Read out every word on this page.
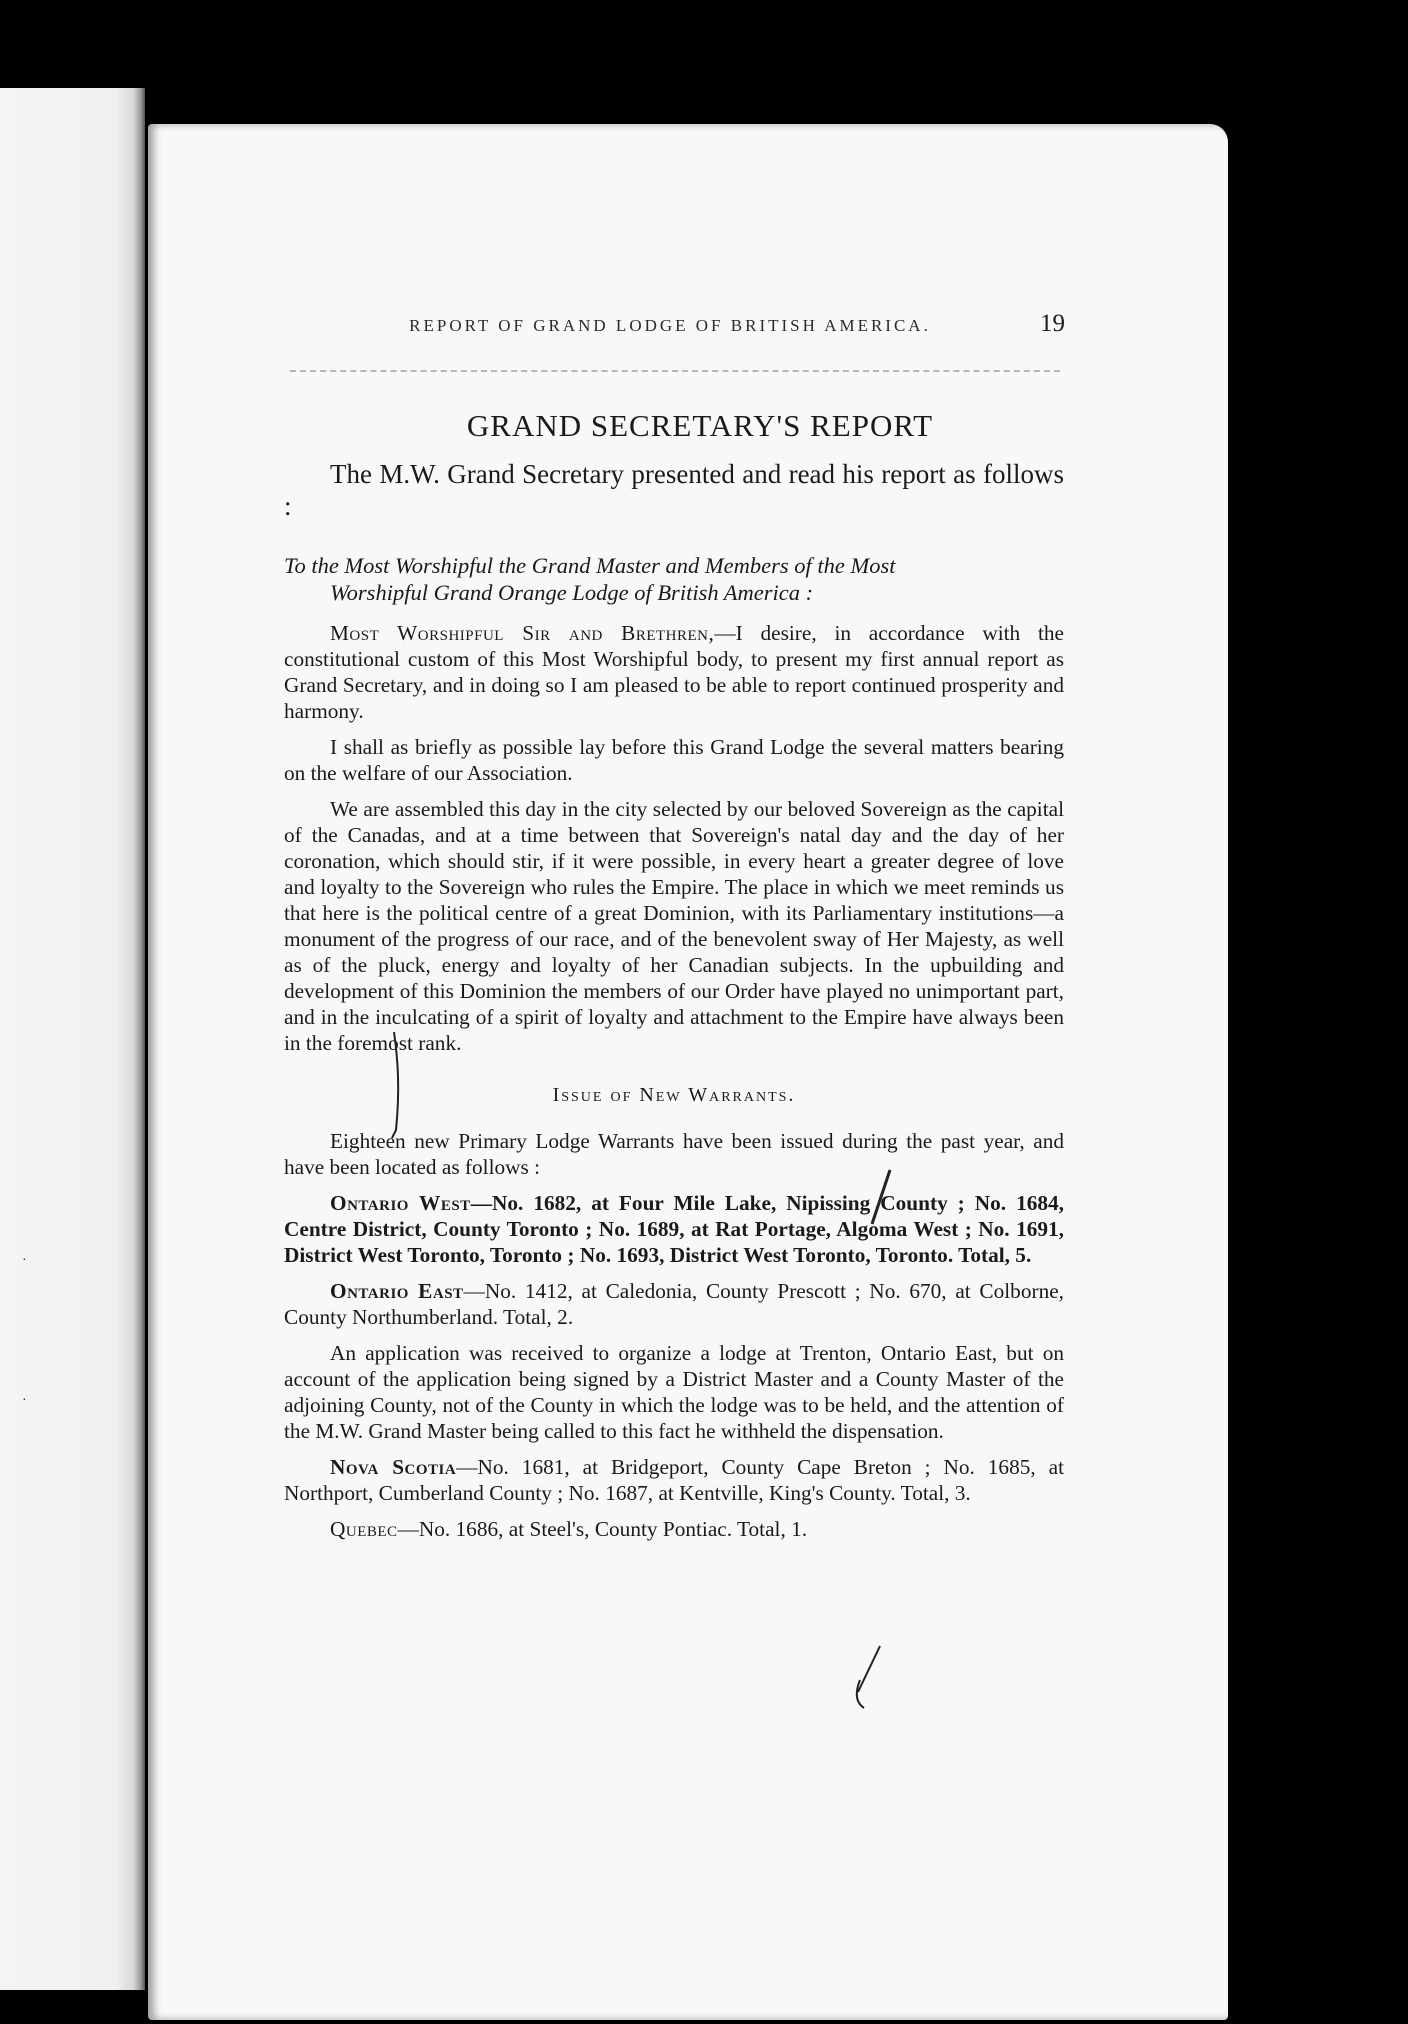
·
·
REPORT OF GRAND LODGE OF BRITISH AMERICA.	19
GRAND SECRETARY'S REPORT

The M.W. Grand Secretary presented and read his report as follows :

To the Most Worshipful the Grand Master and Members of the Most
Worshipful Grand Orange Lodge of British America :

Most Worshipful Sir and Brethren,—I desire, in accordance with the constitutional custom of this Most Worshipful body, to present my first annual report as Grand Secretary, and in doing so I am pleased to be able to report continued prosperity and harmony.

I shall as briefly as possible lay before this Grand Lodge the several matters bearing on the welfare of our Association.

We are assembled this day in the city selected by our beloved Sovereign as the capital of the Canadas, and at a time between that Sovereign's natal day and the day of her coronation, which should stir, if it were possible, in every heart a greater degree of love and loyalty to the Sovereign who rules the Empire. The place in which we meet reminds us that here is the political centre of a great Dominion, with its Parliamentary institutions—a monument of the progress of our race, and of the benevolent sway of Her Majesty, as well as of the pluck, energy and loyalty of her Canadian subjects. In the upbuilding and development of this Dominion the members of our Order have played no unimportant part, and in the inculcating of a spirit of loyalty and attachment to the Empire have always been in the foremost rank.

Issue of New Warrants.

Eighteen new Primary Lodge Warrants have been issued during the past year, and have been located as follows :

Ontario West—No. 1682, at Four Mile Lake, Nipissing County ; No. 1684, Centre District, County Toronto ; No. 1689, at Rat Portage, Algoma West ; No. 1691, District West Toronto, Toronto ; No. 1693, District West Toronto, Toronto. Total, 5.

Ontario East—No. 1412, at Caledonia, County Prescott ; No. 670, at Colborne, County Northumberland. Total, 2.

An application was received to organize a lodge at Trenton, Ontario East, but on account of the application being signed by a District Master and a County Master of the adjoining County, not of the County in which the lodge was to be held, and the attention of the M.W. Grand Master being called to this fact he withheld the dispensation.

Nova Scotia—No. 1681, at Bridgeport, County Cape Breton ; No. 1685, at Northport, Cumberland County ; No. 1687, at Kentville, King's County. Total, 3.

Quebec—No. 1686, at Steel's, County Pontiac. Total, 1.
